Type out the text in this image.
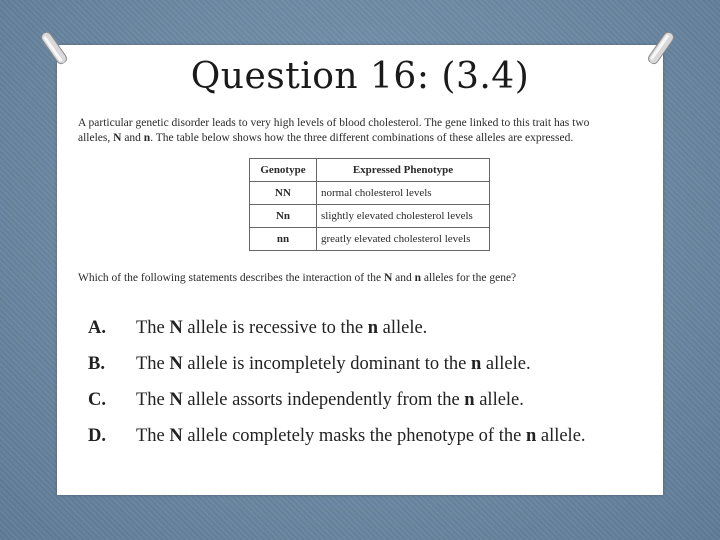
Question 16: (3.4)
A particular genetic disorder leads to very high levels of blood cholesterol. The gene linked to this trait has two
alleles, N and n. The table below shows how the three different combinations of these alleles are expressed.
Genotype	Expressed Phenotype
NN	normal cholesterol levels
Nn	slightly elevated cholesterol levels
nn	greatly elevated cholesterol levels
Which of the following statements describes the interaction of the N and n alleles for the gene?
A. The N allele is recessive to the n allele.
B. The N allele is incompletely dominant to the n allele.
C. The N allele assorts independently from the n allele.
D. The N allele completely masks the phenotype of the n allele.
